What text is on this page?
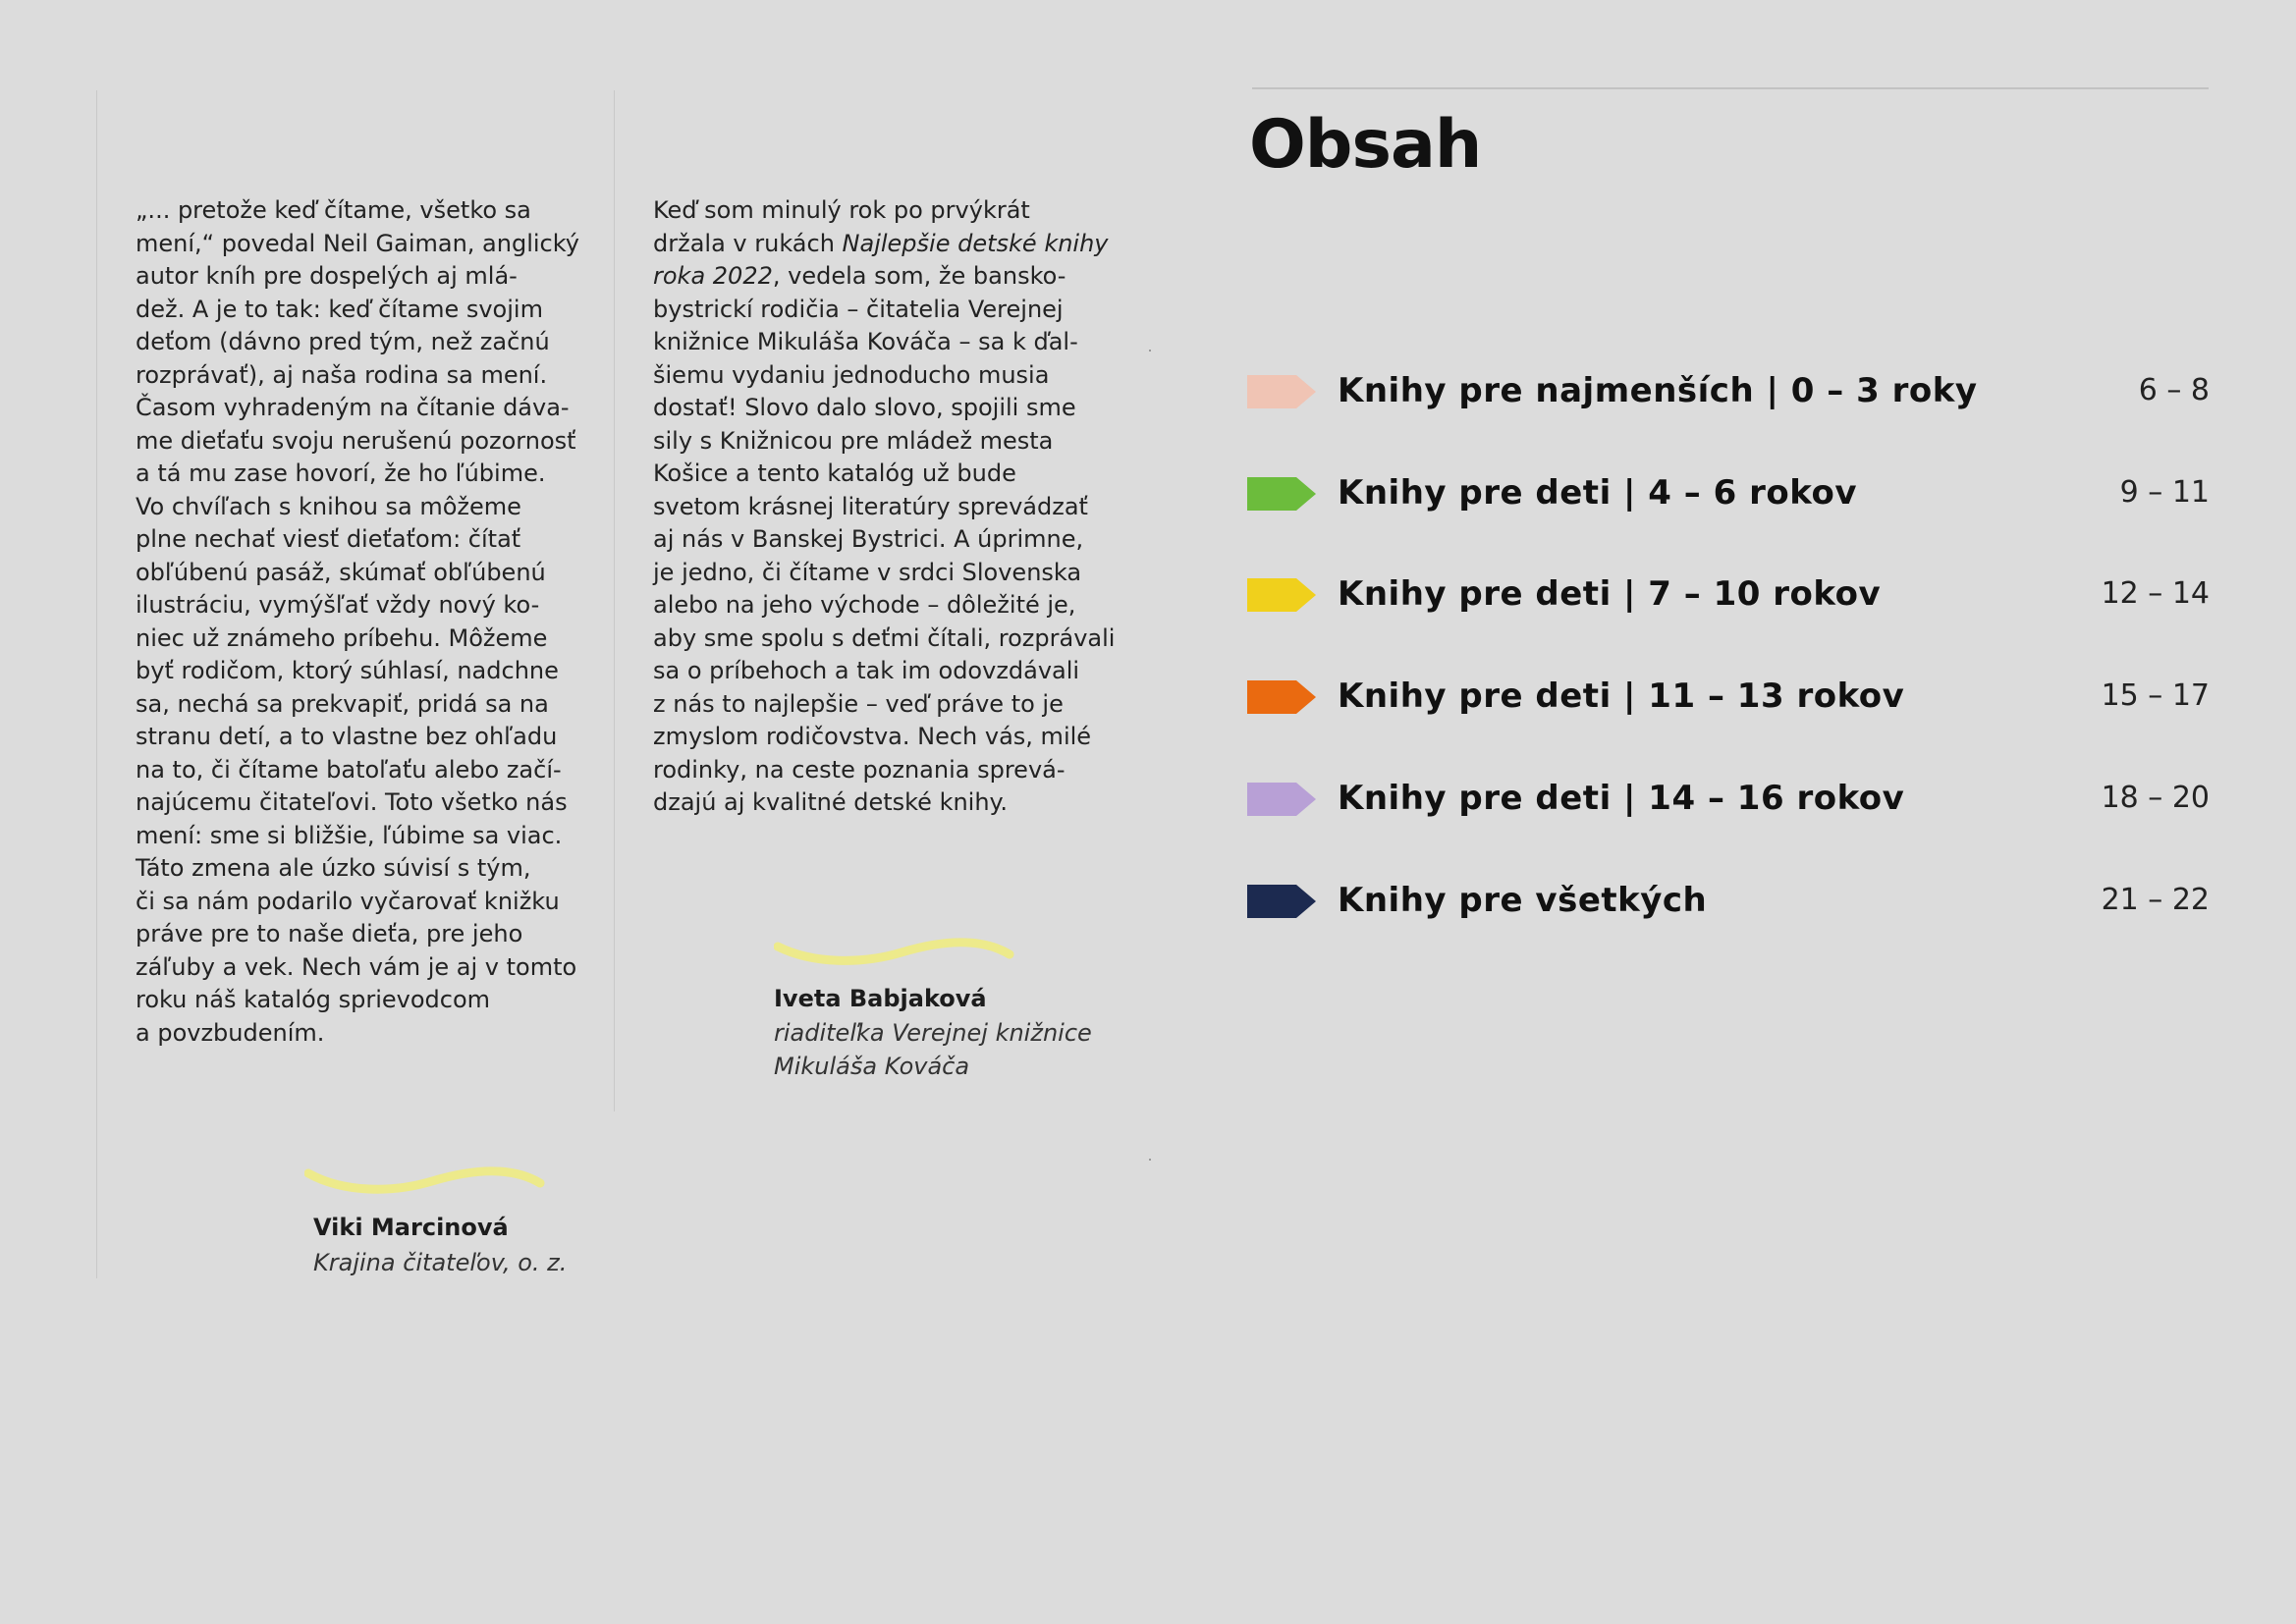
„... pretože keď čítame, všetko sa
mení,“ povedal Neil Gaiman, anglický
autor kníh pre dospelých aj mlá-
dež. A je to tak: keď čítame svojim
deťom (dávno pred tým, než začnú
rozprávať), aj naša rodina sa mení.
Časom vyhradeným na čítanie dáva-
me dieťaťu svoju nerušenú pozornosť
a tá mu zase hovorí, že ho ľúbime.
Vo chvíľach s knihou sa môžeme
plne nechať viesť dieťaťom: čítať
obľúbenú pasáž, skúmať obľúbenú
ilustráciu, vymýšľať vždy nový ko-
niec už známeho príbehu. Môžeme
byť rodičom, ktorý súhlasí, nadchne
sa, nechá sa prekvapiť, pridá sa na
stranu detí, a to vlastne bez ohľadu
na to, či čítame batoľaťu alebo začí-
najúcemu čitateľovi. Toto všetko nás
mení: sme si bližšie, ľúbime sa viac.
Táto zmena ale úzko súvisí s tým,
či sa nám podarilo vyčarovať knižku
práve pre to naše dieťa, pre jeho
záľuby a vek. Nech vám je aj v tomto
roku náš katalóg sprievodcom
a povzbudením.
Viki Marcinová
Krajina čitateľov, o. z.
Keď som minulý rok po prvýkrát
držala v rukách Najlepšie detské knihy
roka 2022, vedela som, že bansko-
bystrickí rodičia – čitatelia Verejnej
knižnice Mikuláša Kováča – sa k ďal-
šiemu vydaniu jednoducho musia
dostať! Slovo dalo slovo, spojili sme
sily s Knižnicou pre mládež mesta
Košice a tento katalóg už bude
svetom krásnej literatúry sprevádzať
aj nás v Banskej Bystrici. A úprimne,
je jedno, či čítame v srdci Slovenska
alebo na jeho východe – dôležité je,
aby sme spolu s deťmi čítali, rozprávali
sa o príbehoch a tak im odovzdávali
z nás to najlepšie – veď práve to je
zmyslom rodičovstva. Nech vás, milé
rodinky, na ceste poznania sprevá-
dzajú aj kvalitné detské knihy.
Iveta Babjaková
riaditeľka Verejnej knižnice
Mikuláša Kováča
Obsah
Knihy pre najmenších | 0 – 3 roky	6 – 8
Knihy pre deti | 4 – 6 rokov	9 – 11
Knihy pre deti | 7 – 10 rokov	12 – 14
Knihy pre deti | 11 – 13 rokov	15 – 17
Knihy pre deti | 14 – 16 rokov	18 – 20
Knihy pre všetkých	21 – 22
